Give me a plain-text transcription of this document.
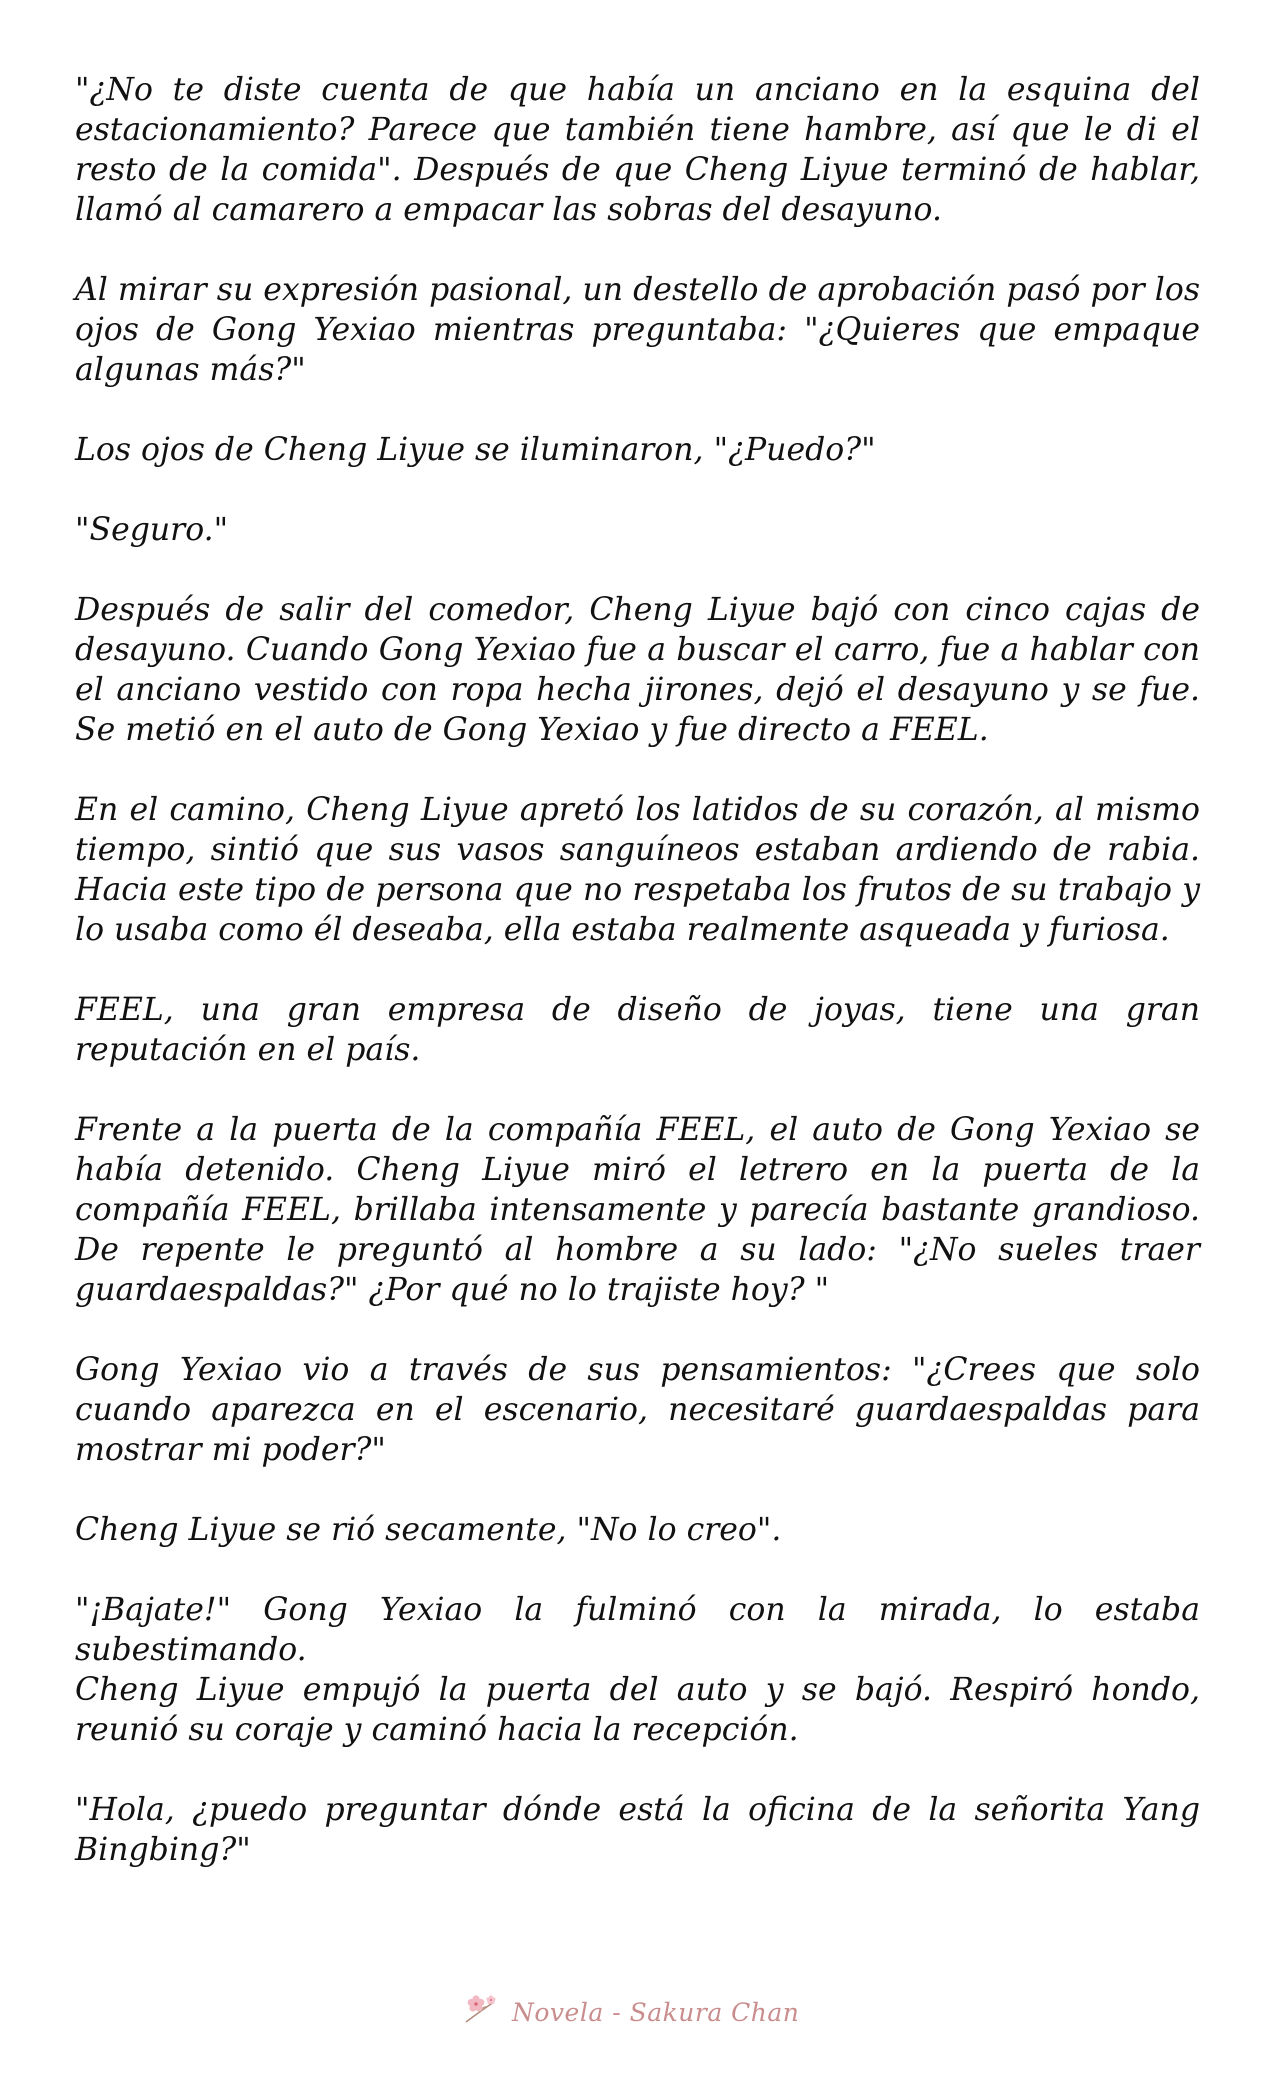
"¿No te diste cuenta de que había un anciano en la esquina del estacionamiento? Parece que también tiene hambre, así que le di el resto de la comida". Después de que Cheng Liyue terminó de hablar, llamó al camarero a empacar las sobras del desayuno.

Al mirar su expresión pasional, un destello de aprobación pasó por los ojos de Gong Yexiao mientras preguntaba: "¿Quieres que empaque algunas más?"

Los ojos de Cheng Liyue se iluminaron, "¿Puedo?"

"Seguro."

Después de salir del comedor, Cheng Liyue bajó con cinco cajas de desayuno. Cuando Gong Yexiao fue a buscar el carro, fue a hablar con el anciano vestido con ropa hecha jirones, dejó el desayuno y se fue. Se metió en el auto de Gong Yexiao y fue directo a FEEL.

En el camino, Cheng Liyue apretó los latidos de su corazón, al mismo tiempo, sintió que sus vasos sanguíneos estaban ardiendo de rabia. Hacia este tipo de persona que no respetaba los frutos de su trabajo y lo usaba como él deseaba, ella estaba realmente asqueada y furiosa.

FEEL, una gran empresa de diseño de joyas, tiene una gran reputación en el país.

Frente a la puerta de la compañía FEEL, el auto de Gong Yexiao se había detenido. Cheng Liyue miró el letrero en la puerta de la compañía FEEL, brillaba intensamente y parecía bastante grandioso. De repente le preguntó al hombre a su lado: "¿No sueles traer guardaespaldas?" ¿Por qué no lo trajiste hoy? "

Gong Yexiao vio a través de sus pensamientos: "¿Crees que solo cuando aparezca en el escenario, necesitaré guardaespaldas para mostrar mi poder?"

Cheng Liyue se rió secamente, "No lo creo".

"¡Bajate!" Gong Yexiao la fulminó con la mirada, lo estaba subestimando.

Cheng Liyue empujó la puerta del auto y se bajó. Respiró hondo, reunió su coraje y caminó hacia la recepción.

"Hola, ¿puedo preguntar dónde está la oficina de la señorita Yang Bingbing?"

Novela - Sakura Chan
